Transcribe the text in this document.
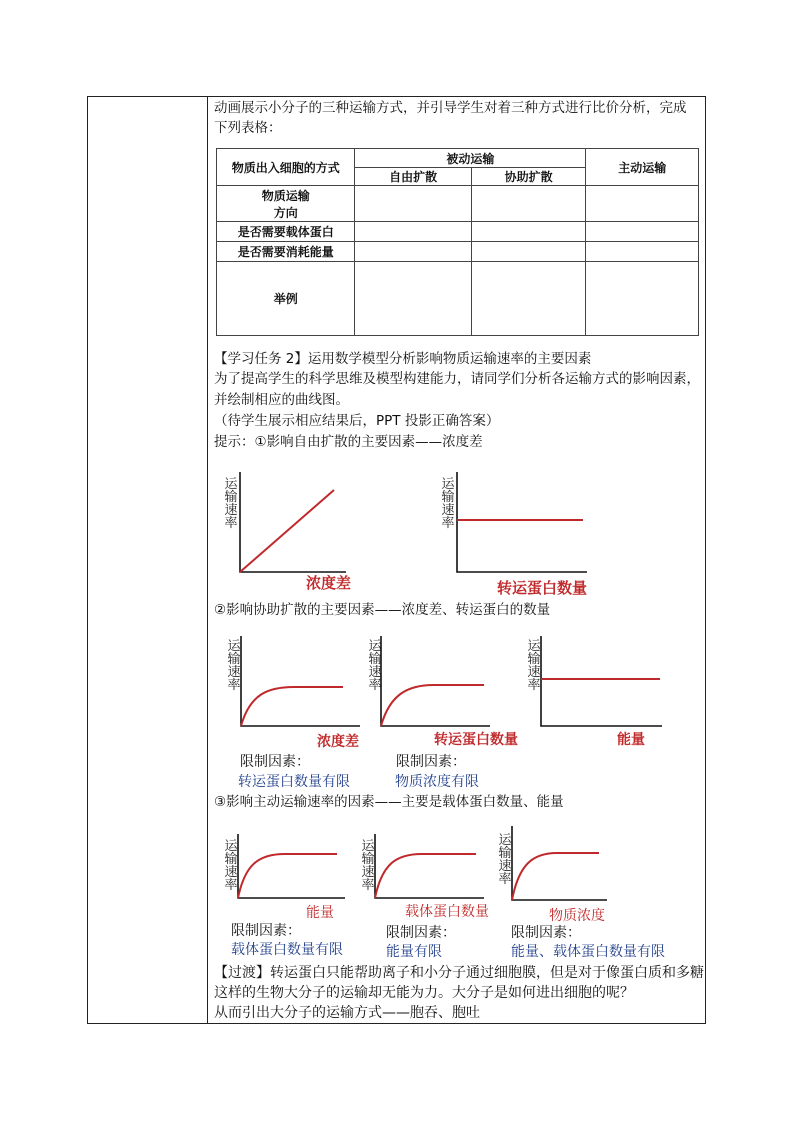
动画展示小分子的三种运输方式，并引导学生对着三种方式进行比价分析，完成
下列表格：
物质出入细胞的方式	被动运输		主动运输
	自由扩散	协助扩散	
物质运输
方向			
是否需要载体蛋白			
是否需要消耗能量			
举例			
【学习任务 2】运用数学模型分析影响物质运输速率的主要因素
为了提高学生的科学思维及模型构建能力，请同学们分析各运输方式的影响因素，
并绘制相应的曲线图。
（待学生展示相应结果后，PPT 投影正确答案）
提示：①影响自由扩散的主要因素——浓度差
运输速率
浓度差
运输速率
转运蛋白数量
②影响协助扩散的主要因素——浓度差、转运蛋白的数量
运输速率
浓度差
限制因素：
转运蛋白数量有限
运输速率
转运蛋白数量
限制因素：
物质浓度有限
运输速率
能量
③影响主动运输速率的因素——主要是载体蛋白数量、能量
运输速率
能量
限制因素：
载体蛋白数量有限
运输速率
载体蛋白数量
限制因素：
能量有限
运输速率
物质浓度
限制因素：
能量、载体蛋白数量有限
【过渡】转运蛋白只能帮助离子和小分子通过细胞膜，但是对于像蛋白质和多糖
这样的生物大分子的运输却无能为力。大分子是如何进出细胞的呢？
从而引出大分子的运输方式——胞吞、胞吐
